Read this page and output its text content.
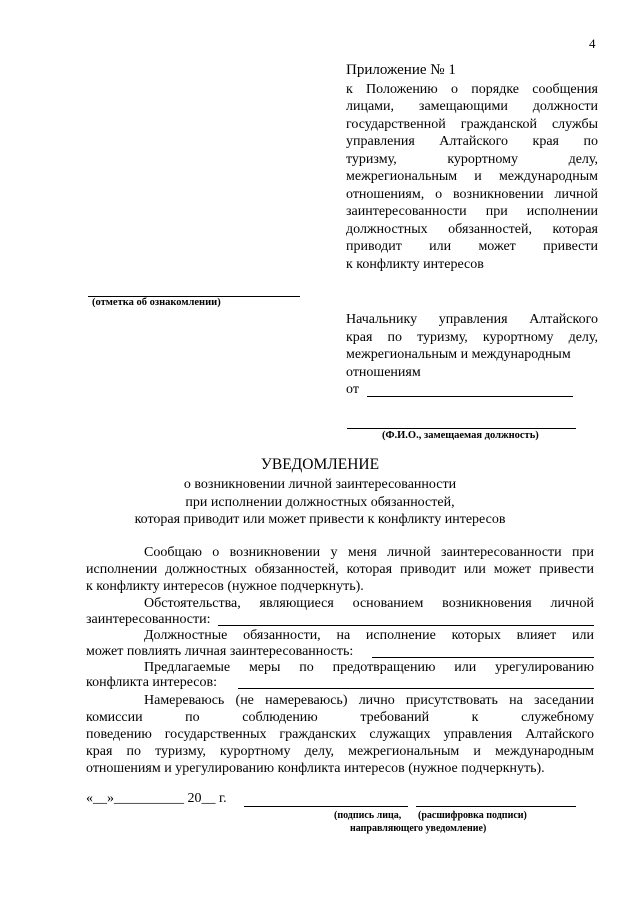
4
Приложение № 1
к Положению о порядке сообщения
лицами, замещающими должности
государственной гражданской службы
управления Алтайского края по
туризму, курортному делу,
межрегиональным и международным
отношениям, о возникновении личной
заинтересованности при исполнении
должностных обязанностей, которая
приводит или может привести
к конфликту интересов
(отметка об ознакомлении)
Начальнику управления Алтайского
края по туризму, курортному делу,
межрегиональным и международным
отношениям
от
(Ф.И.О., замещаемая должность)
УВЕДОМЛЕНИЕ
о возникновении личной заинтересованности
при исполнении должностных обязанностей,
которая приводит или может привести к конфликту интересов
Сообщаю о возникновении у меня личной заинтересованности при
исполнении должностных обязанностей, которая приводит или может привести
к конфликту интересов (нужное подчеркнуть).
Обстоятельства, являющиеся основанием возникновения личной
заинтересованности:
Должностные обязанности, на исполнение которых влияет или
может повлиять личная заинтересованность:
Предлагаемые меры по предотвращению или урегулированию
конфликта интересов:
Намереваюсь (не намереваюсь) лично присутствовать на заседании
комиссии по соблюдению требований к служебному
поведению государственных гражданских служащих управления Алтайского
края по туризму, курортному делу, межрегиональным и международным
отношениям и урегулированию конфликта интересов (нужное подчеркнуть).
«__»__________ 20__ г.
(подпись лица,
направляющего уведомление)
(расшифровка подписи)
